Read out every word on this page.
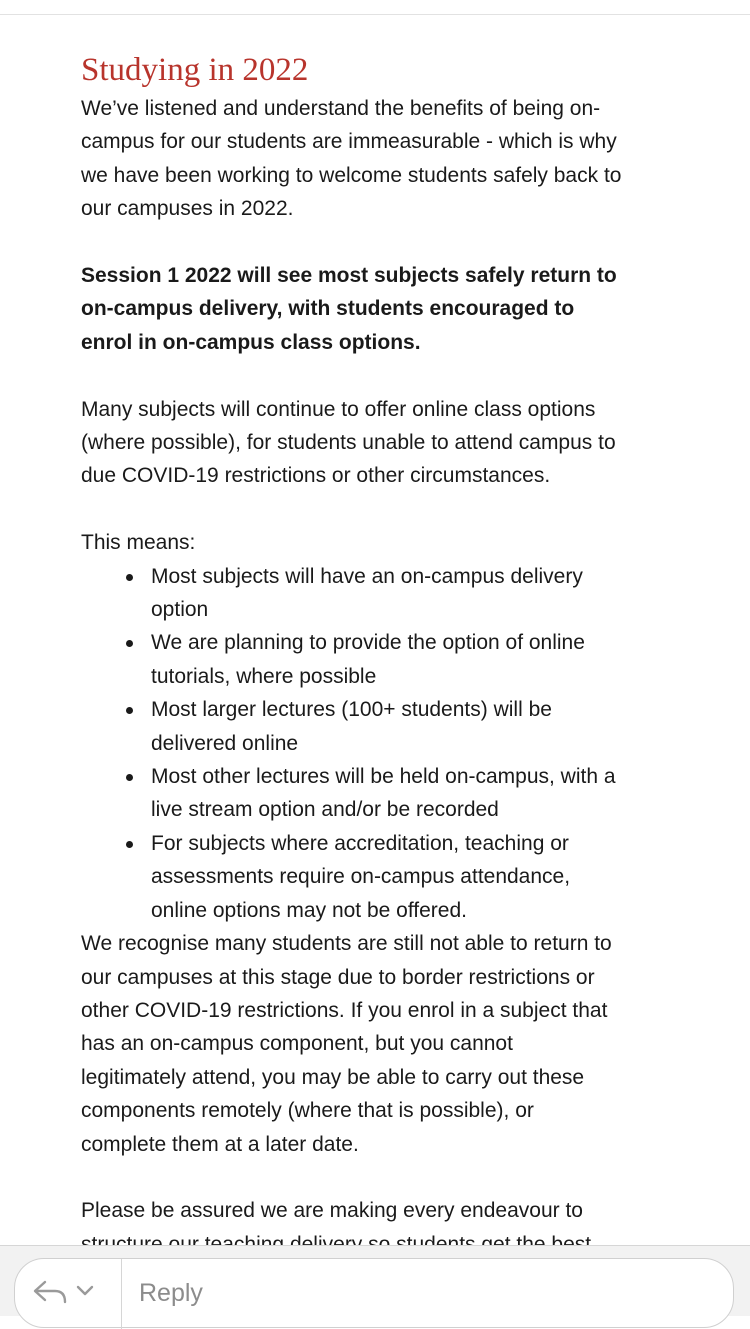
Studying in 2022

We’ve listened and understand the benefits of being on-
campus for our students are immeasurable - which is why
we have been working to welcome students safely back to
our campuses in 2022.

Session 1 2022 will see most subjects safely return to
on-campus delivery, with students encouraged to
enrol in on-campus class options.

Many subjects will continue to offer online class options
(where possible), for students unable to attend campus to
due COVID-19 restrictions or other circumstances.

This means:

Most subjects will have an on-campus delivery
option
We are planning to provide the option of online
tutorials, where possible
Most larger lectures (100+ students) will be
delivered online
Most other lectures will be held on-campus, with a
live stream option and/or be recorded
For subjects where accreditation, teaching or
assessments require on-campus attendance,
online options may not be offered.

We recognise many students are still not able to return to
our campuses at this stage due to border restrictions or
other COVID-19 restrictions. If you enrol in a subject that
has an on-campus component, but you cannot
legitimately attend, you may be able to carry out these
components remotely (where that is possible), or
complete them at a later date.

Please be assured we are making every endeavour to

Reply
